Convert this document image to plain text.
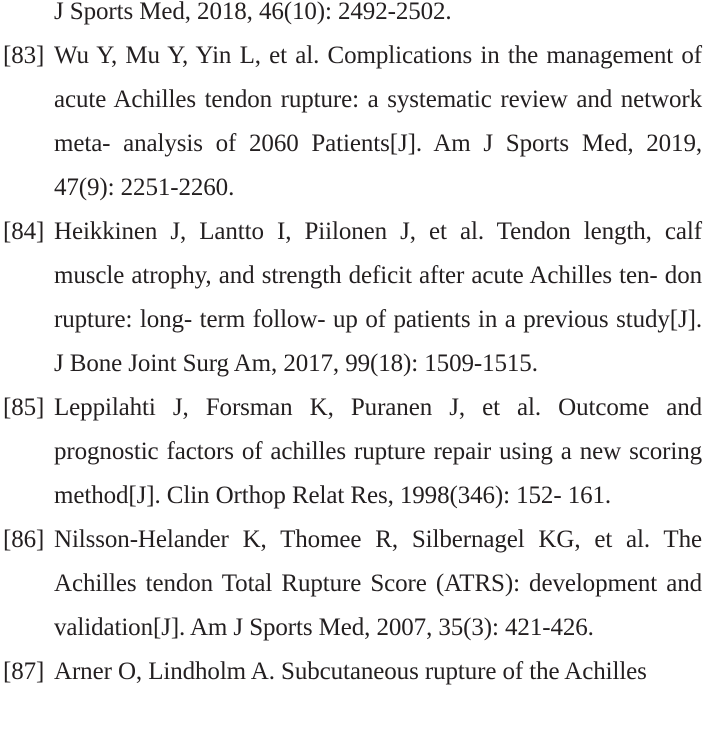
J Sports Med, 2018, 46(10): 2492-2502.
[83] Wu Y, Mu Y, Yin L, et al. Complications in the management of acute Achilles tendon rupture: a systematic review and network meta- analysis of 2060 Patients[J]. Am J Sports Med, 2019, 47(9): 2251-2260.
[84] Heikkinen J, Lantto I, Piilonen J, et al. Tendon length, calf muscle atrophy, and strength deficit after acute Achilles ten- don rupture: long- term follow- up of patients in a previous study[J]. J Bone Joint Surg Am, 2017, 99(18): 1509-1515.
[85] Leppilahti J, Forsman K, Puranen J, et al. Outcome and prognostic factors of achilles rupture repair using a new scoring method[J]. Clin Orthop Relat Res, 1998(346): 152- 161.
[86] Nilsson-Helander K, Thomee R, Silbernagel KG, et al. The Achilles tendon Total Rupture Score (ATRS): development and validation[J]. Am J Sports Med, 2007, 35(3): 421-426.
[87] Arner O, Lindholm A. Subcutaneous rupture of the Achilles
